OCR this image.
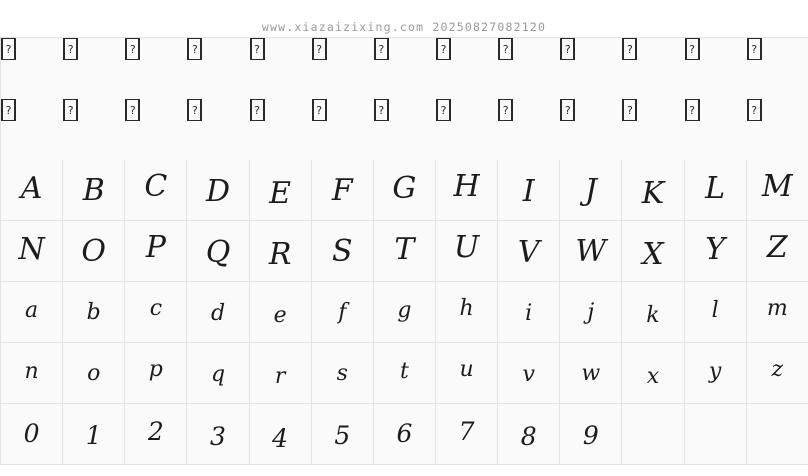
www.xiazaizixing.com 20250827082120
?	?	?	?	?	?	?	?	?	?	?	?	?
?	?	?	?	?	?	?	?	?	?	?	?	?
A B C D E F G H I J K L M
N O P Q R S T U V W X Y Z
a b c d e f g h i	j k l m
n o p q r s t u v w x y z
0 1 2 3 4 5 6 7 8 9
